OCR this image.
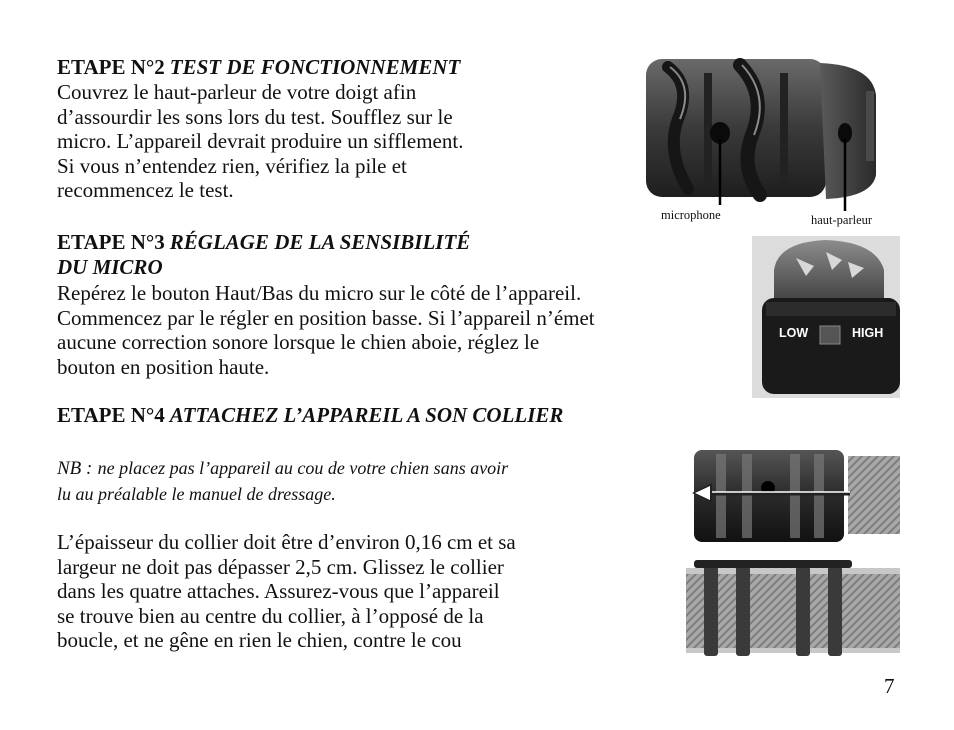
ETAPE N°2 TEST DE FONCTIONNEMENT
Couvrez le haut-parleur de votre doigt afin
d’assourdir les sons lors du test. Soufflez sur le
micro. L’appareil devrait produire un sifflement.
Si vous n’entendez rien, vérifiez la pile et
recommencez le test.
ETAPE N°3 RÉGLAGE DE LA SENSIBILITÉ
DU MICRO
Repérez le bouton Haut/Bas du micro sur le côté de l’appareil.
Commencez par le régler en position basse. Si l’appareil n’émet
aucune correction sonore lorsque le chien aboie, réglez le
bouton en position haute.
ETAPE N°4 ATTACHEZ L’APPAREIL A SON COLLIER
NB : ne placez pas l’appareil au cou de votre chien sans avoir
lu au préalable le manuel de dressage.
L’épaisseur du collier doit être d’environ 0,16 cm et sa
largeur ne doit pas dépasser 2,5 cm. Glissez le collier
dans les quatre attaches. Assurez-vous que l’appareil
se trouve bien au centre du collier, à l’opposé de la
boucle, et ne gêne en rien le chien, contre le cou
microphone	haut-parleur
LOW	HIGH
7
